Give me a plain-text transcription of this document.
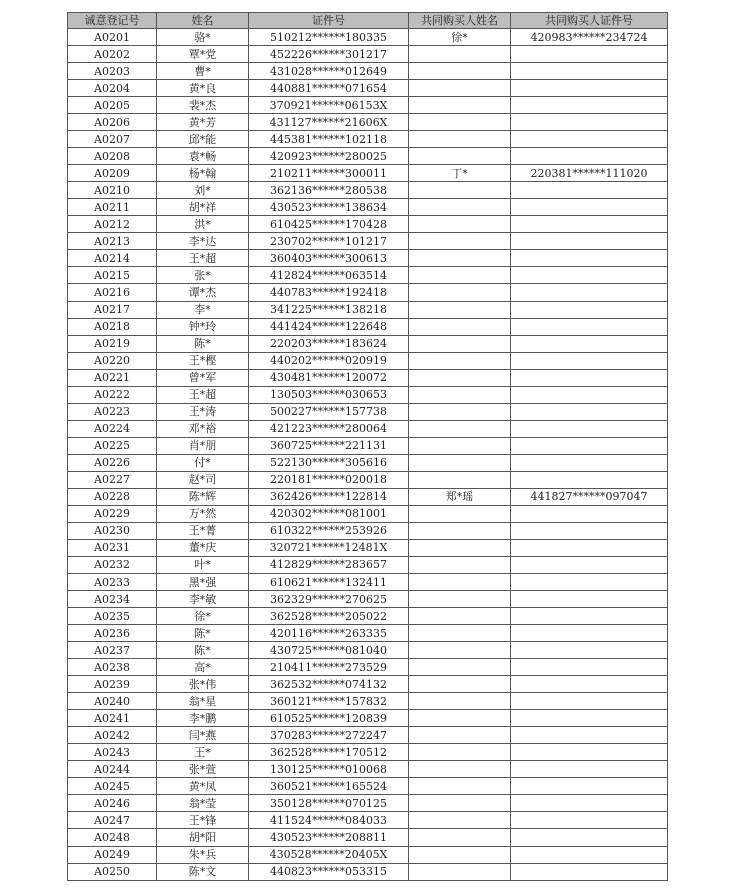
诚意登记号	姓名	证件号	共同购买人姓名	共同购买人证件号
A0201	骆*	510212******180335	徐*	420983******234724
A0202	覃*党	452226******301217		
A0203	曹*	431028******012649		
A0204	黄*良	440881******071654		
A0205	裴*杰	370921******06153X		
A0206	黄*芳	431127******21606X		
A0207	邱*能	445381******102118		
A0208	袁*畅	420923******280025		
A0209	杨*翰	210211******300011	丁*	220381******111020
A0210	刘*	362136******280538		
A0211	胡*祥	430523******138634		
A0212	洪*	610425******170428		
A0213	李*达	230702******101217		
A0214	王*超	360403******300613		
A0215	张*	412824******063514		
A0216	谭*杰	440783******192418		
A0217	李*	341225******138218		
A0218	钟*玲	441424******122648		
A0219	陈*	220203******183624		
A0220	王*樫	440202******020919		
A0221	曾*军	430481******120072		
A0222	王*超	130503******030653		
A0223	王*涛	500227******157738		
A0224	邓*裕	421223******280064		
A0225	肖*朋	360725******221131		
A0226	付*	522130******305616		
A0227	赵*司	220181******020018		
A0228	陈*辉	362426******122814	郑*瑶	441827******097047
A0229	万*然	420302******081001		
A0230	王*菁	610322******253926		
A0231	董*庆	320721******12481X		
A0232	叶*	412829******283657		
A0233	黑*强	610621******132411		
A0234	李*敏	362329******270625		
A0235	徐*	362528******205022		
A0236	陈*	420116******263335		
A0237	陈*	430725******081040		
A0238	高*	210411******273529		
A0239	张*伟	362532******074132		
A0240	翁*星	360121******157832		
A0241	李*鹏	610525******120839		
A0242	闫*燕	370283******272247		
A0243	王*	362528******170512		
A0244	张*萱	130125******010068		
A0245	黄*凤	360521******165524		
A0246	翁*莹	350128******070125		
A0247	王*锋	411524******084033		
A0248	胡*阳	430523******208811		
A0249	朱*兵	430528******20405X		
A0250	陈*文	440823******053315		
